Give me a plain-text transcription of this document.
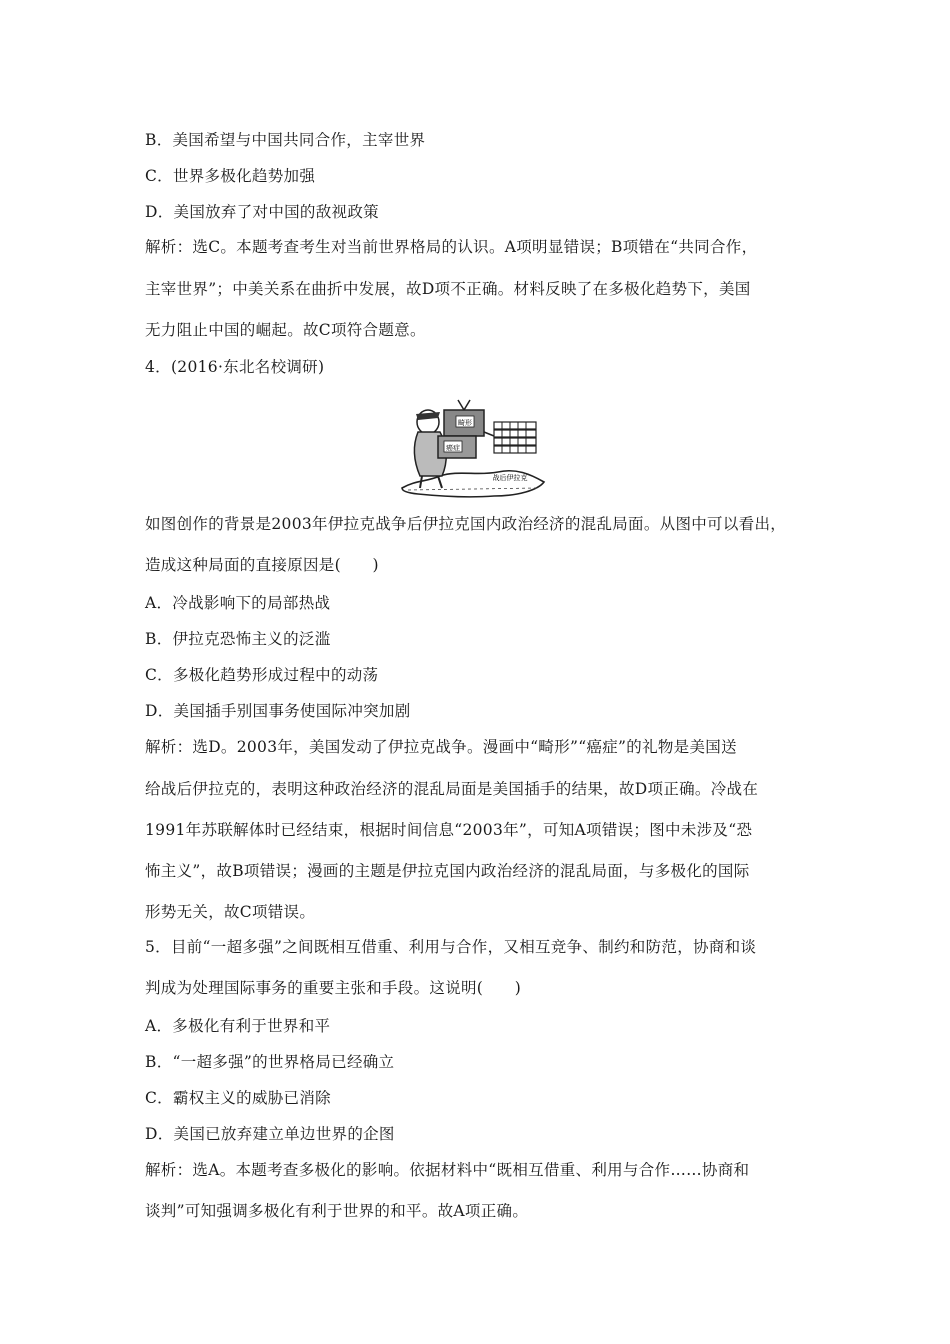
B．美国希望与中国共同合作，主宰世界
C．世界多极化趋势加强
D．美国放弃了对中国的敌视政策
解析：选C。本题考查考生对当前世界格局的认识。A项明显错误；B项错在“共同合作，
主宰世界”；中美关系在曲折中发展，故D项不正确。材料反映了在多极化趋势下，美国
无力阻止中国的崛起。故C项符合题意。
4．(2016·东北名校调研)
畸形
癌症
战后伊拉克
如图创作的背景是2003年伊拉克战争后伊拉克国内政治经济的混乱局面。从图中可以看出，
造成这种局面的直接原因是(　　)
A．冷战影响下的局部热战
B．伊拉克恐怖主义的泛滥
C．多极化趋势形成过程中的动荡
D．美国插手别国事务使国际冲突加剧
解析：选D。2003年，美国发动了伊拉克战争。漫画中“畸形”“癌症”的礼物是美国送
给战后伊拉克的，表明这种政治经济的混乱局面是美国插手的结果，故D项正确。冷战在
1991年苏联解体时已经结束，根据时间信息“2003年”，可知A项错误；图中未涉及“恐
怖主义”，故B项错误；漫画的主题是伊拉克国内政治经济的混乱局面，与多极化的国际
形势无关，故C项错误。
5．目前“一超多强”之间既相互借重、利用与合作，又相互竞争、制约和防范，协商和谈
判成为处理国际事务的重要主张和手段。这说明(　　)
A．多极化有利于世界和平
B．“一超多强”的世界格局已经确立
C．霸权主义的威胁已消除
D．美国已放弃建立单边世界的企图
解析：选A。本题考查多极化的影响。依据材料中“既相互借重、利用与合作……协商和
谈判”可知强调多极化有利于世界的和平。故A项正确。
